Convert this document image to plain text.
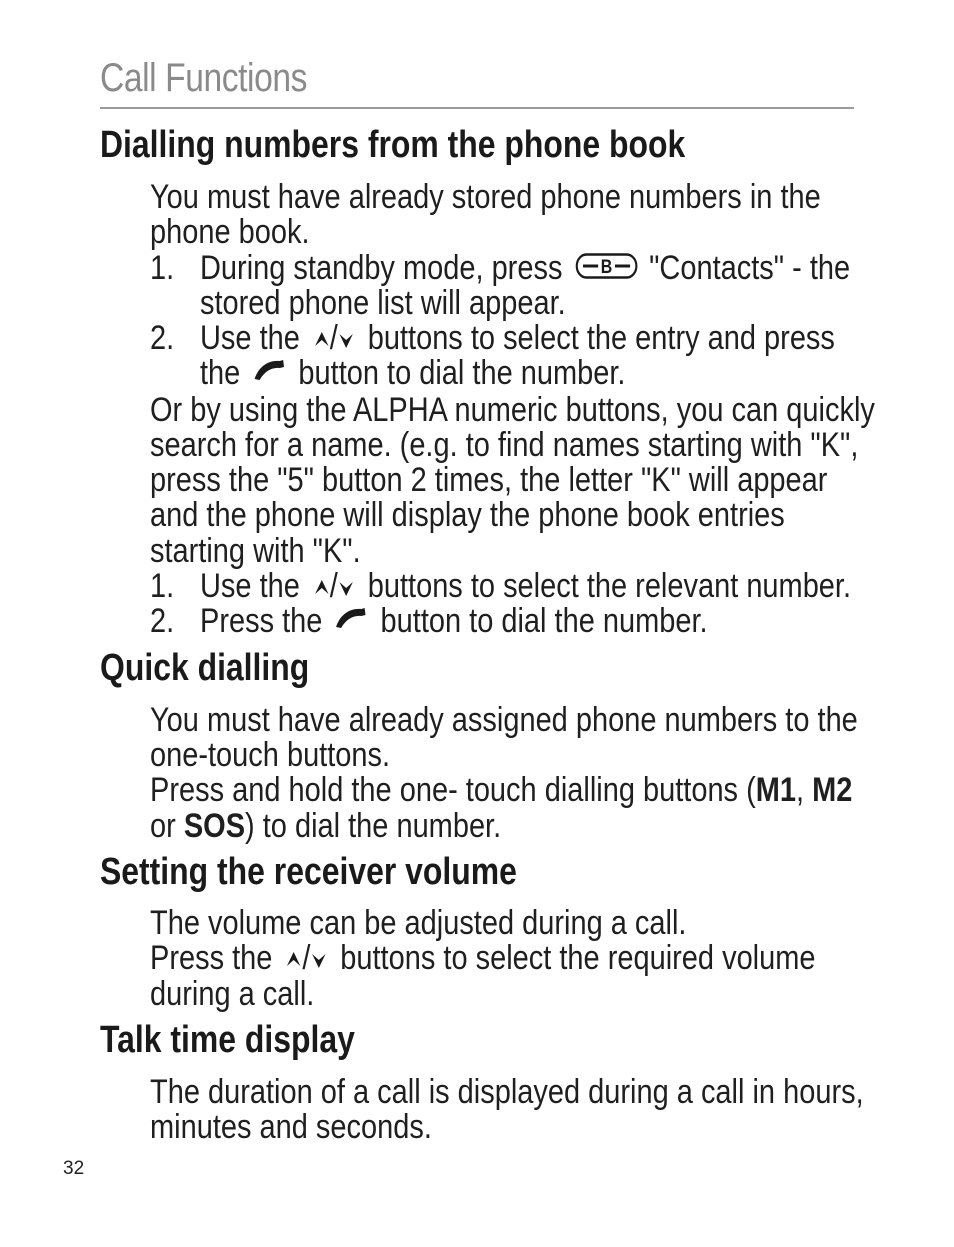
Call Functions
Dialling numbers from the phone book
You must have already stored phone numbers in the
phone book.
1. During standby mode, press B "Contacts" - the
stored phone list will appear.
2. Use the / buttons to select the entry and press
the button to dial the number.
Or by using the ALPHA numeric buttons, you can quickly
search for a name. (e.g. to find names starting with "K",
press the "5" button 2 times, the letter "K" will appear
and the phone will display the phone book entries
starting with "K".
1. Use the / buttons to select the relevant number.
2. Press the button to dial the number.
Quick dialling
You must have already assigned phone numbers to the
one-touch buttons.
Press and hold the one- touch dialling buttons (M1, M2
or SOS) to dial the number.
Setting the receiver volume
The volume can be adjusted during a call.
Press the / buttons to select the required volume
during a call.
Talk time display
The duration of a call is displayed during a call in hours,
minutes and seconds.
32
